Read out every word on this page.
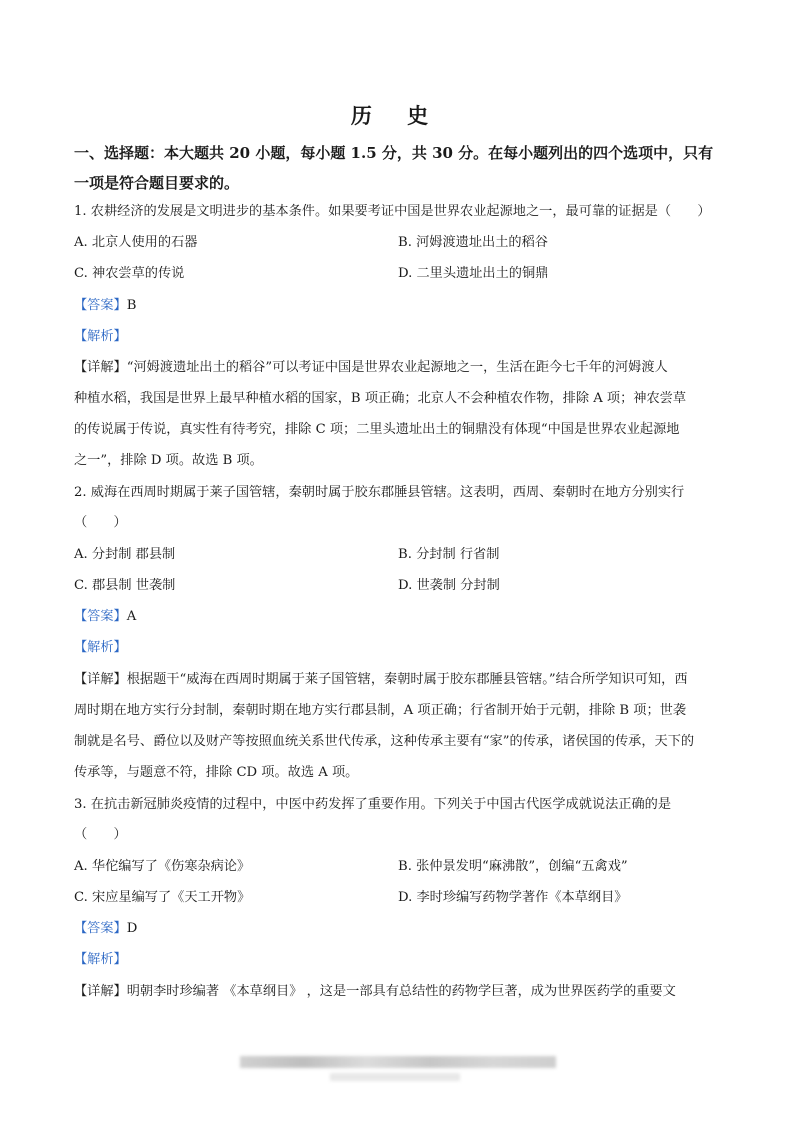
历 史
一、选择题：本大题共 20 小题，每小题 1.5 分，共 30 分。在每小题列出的四个选项中，只有
一项是符合题目要求的。
1. 农耕经济的发展是文明进步的基本条件。如果要考证中国是世界农业起源地之一，最可靠的证据是（　　）
A. 北京人使用的石器	B. 河姆渡遗址出土的稻谷
C. 神农尝草的传说	D. 二里头遗址出土的铜鼎
【答案】B
【解析】
【详解】“河姆渡遗址出土的稻谷”可以考证中国是世界农业起源地之一，生活在距今七千年的河姆渡人
种植水稻，我国是世界上最早种植水稻的国家，B 项正确；北京人不会种植农作物，排除 A 项；神农尝草
的传说属于传说，真实性有待考究，排除 C 项；二里头遗址出土的铜鼎没有体现“中国是世界农业起源地
之一”，排除 D 项。故选 B 项。
2. 威海在西周时期属于莱子国管辖，秦朝时属于胶东郡腄县管辖。这表明，西周、秦朝时在地方分别实行
（　　）
A. 分封制 郡县制	B. 分封制 行省制
C. 郡县制 世袭制	D. 世袭制 分封制
【答案】A
【解析】
【详解】根据题干“威海在西周时期属于莱子国管辖，秦朝时属于胶东郡腄县管辖。”结合所学知识可知，西
周时期在地方实行分封制，秦朝时期在地方实行郡县制，A 项正确；行省制开始于元朝，排除 B 项；世袭
制就是名号、爵位以及财产等按照血统关系世代传承，这种传承主要有“家”的传承，诸侯国的传承，天下的
传承等，与题意不符，排除 CD 项。故选 A 项。
3. 在抗击新冠肺炎疫情的过程中，中医中药发挥了重要作用。下列关于中国古代医学成就说法正确的是
（　　）
A. 华佗编写了《伤寒杂病论》	B. 张仲景发明“麻沸散”，创编“五禽戏”
C. 宋应星编写了《天工开物》	D. 李时珍编写药物学著作《本草纲目》
【答案】D
【解析】
【详解】明朝李时珍编著 《本草纲目》 ，这是一部具有总结性的药物学巨著，成为世界医药学的重要文
